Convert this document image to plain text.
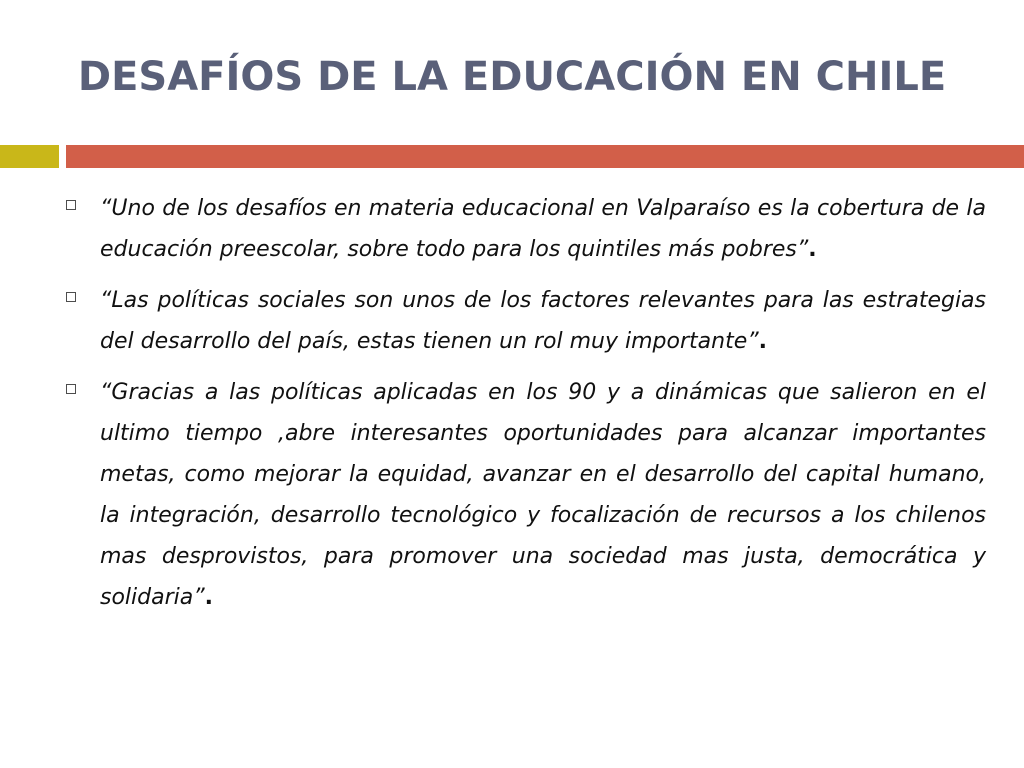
DESAFÍOS DE LA EDUCACIÓN EN CHILE

“Uno de los desafíos en materia educacional en Valparaíso es la cobertura de la educación preescolar, sobre todo para los quintiles más pobres”.

“Las políticas sociales son unos de los factores relevantes para las estrategias del desarrollo del país, estas tienen un rol muy importante”.

“Gracias a las políticas aplicadas en los 90 y a dinámicas que salieron en el ultimo tiempo ,abre interesantes oportunidades para alcanzar importantes metas, como mejorar la equidad, avanzar en el desarrollo del capital humano, la integración, desarrollo tecnológico y focalización de recursos a los chilenos mas desprovistos, para promover una sociedad mas justa, democrática y solidaria”.
